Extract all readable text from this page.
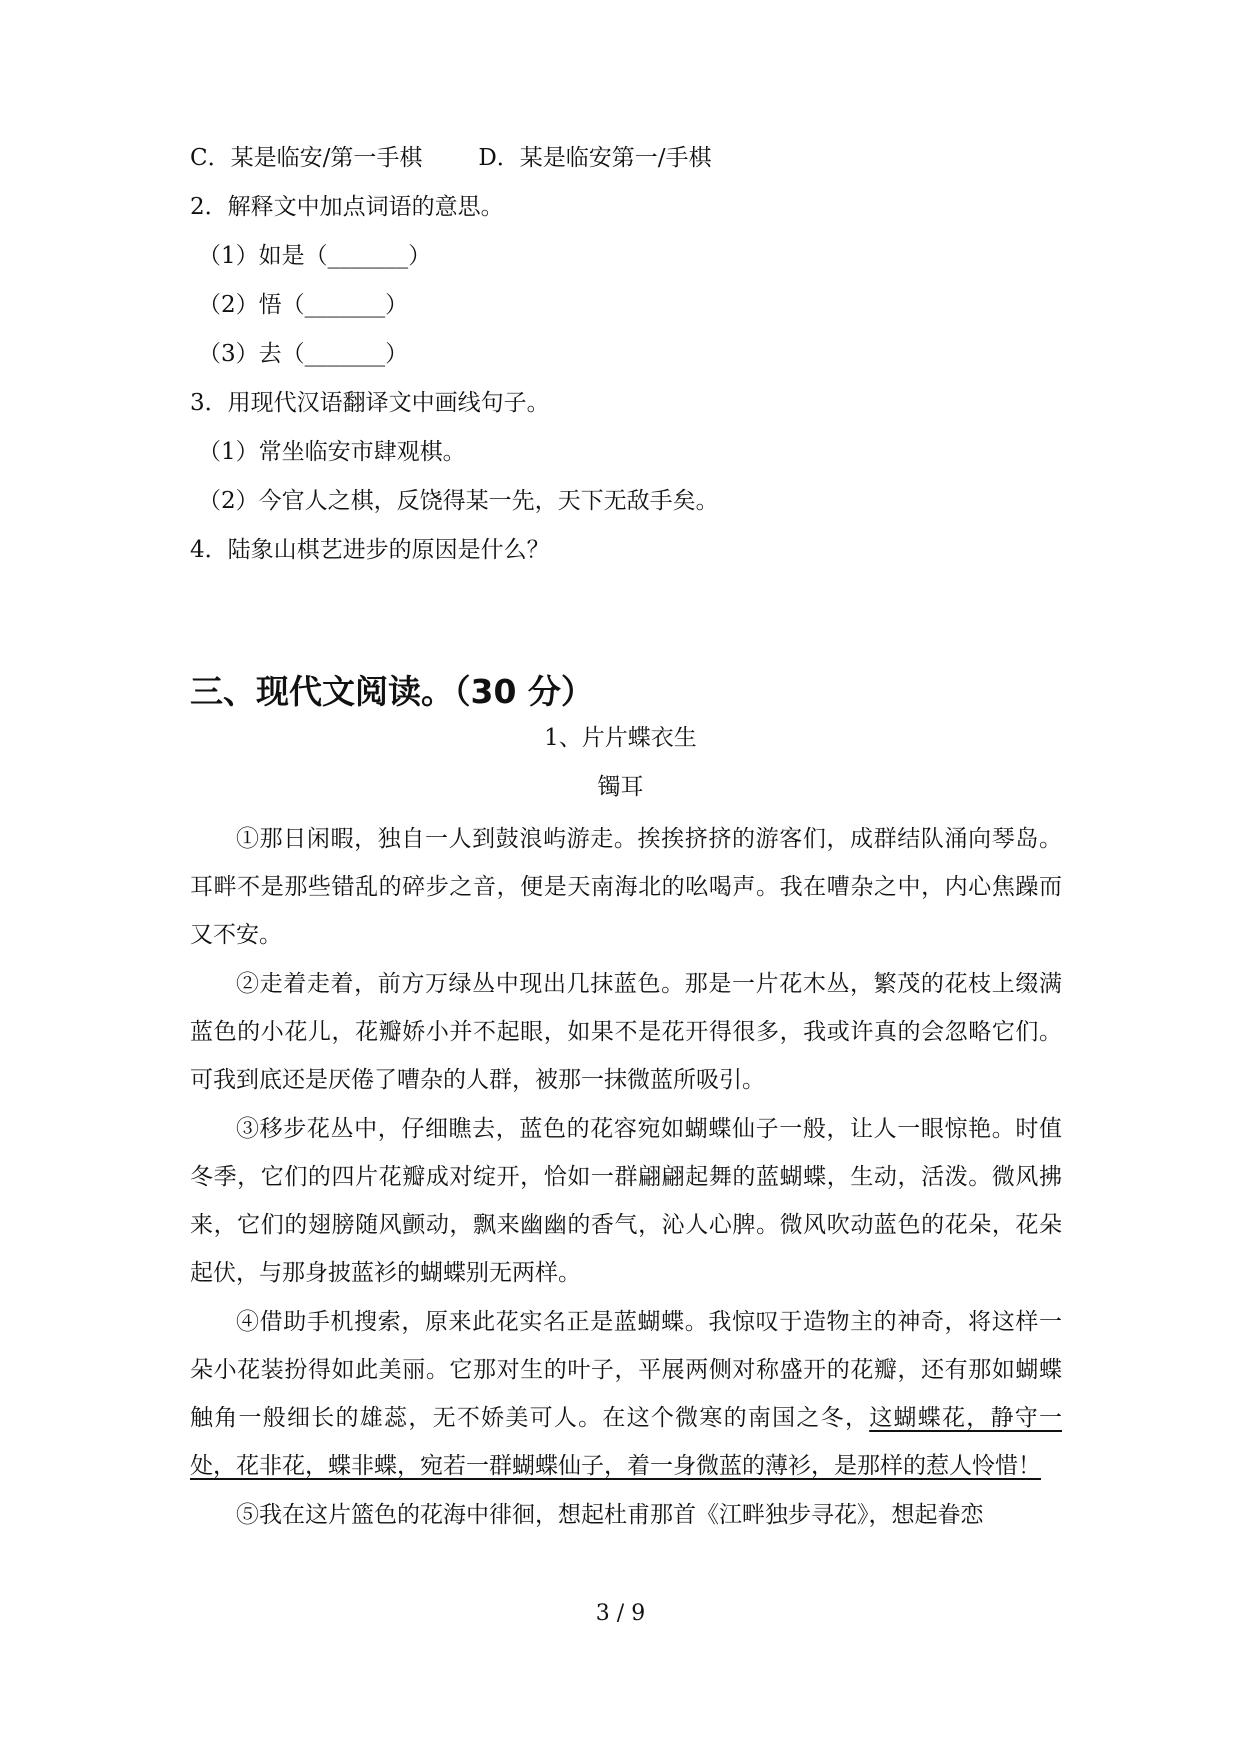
C．某是临安/第一手棋 D．某是临安第一/手棋
2．解释文中加点词语的意思。
（1）如是（_______）
（2）悟（_______）
（3）去（_______）
3．用现代汉语翻译文中画线句子。
（1）常坐临安市肆观棋。
（2）今官人之棋，反饶得某一先，天下无敌手矣。
4．陆象山棋艺进步的原因是什么？
三、现代文阅读。（30 分）
1、片片蝶衣生
镯耳
①那日闲暇，独自一人到鼓浪屿游走。挨挨挤挤的游客们，成群结队涌向琴岛。耳畔不是那些错乱的碎步之音，便是天南海北的吆喝声。我在嘈杂之中，内心焦躁而又不安。
②走着走着，前方万绿丛中现出几抹蓝色。那是一片花木丛，繁茂的花枝上缀满蓝色的小花儿，花瓣娇小并不起眼，如果不是花开得很多，我或许真的会忽略它们。可我到底还是厌倦了嘈杂的人群，被那一抹微蓝所吸引。
③移步花丛中，仔细瞧去，蓝色的花容宛如蝴蝶仙子一般，让人一眼惊艳。时值冬季，它们的四片花瓣成对绽开，恰如一群翩翩起舞的蓝蝴蝶，生动，活泼。微风拂来，它们的翅膀随风颤动，飘来幽幽的香气，沁人心脾。微风吹动蓝色的花朵，花朵起伏，与那身披蓝衫的蝴蝶别无两样。
④借助手机搜索，原来此花实名正是蓝蝴蝶。我惊叹于造物主的神奇，将这样一朵小花装扮得如此美丽。它那对生的叶子，平展两侧对称盛开的花瓣，还有那如蝴蝶触角一般细长的雄蕊，无不娇美可人。在这个微寒的南国之冬，这蝴蝶花，静守一处，花非花，蝶非蝶，宛若一群蝴蝶仙子，着一身微蓝的薄衫，是那样的惹人怜惜！
⑤我在这片篮色的花海中徘徊，想起杜甫那首《江畔独步寻花》，想起眷恋
3 / 9
